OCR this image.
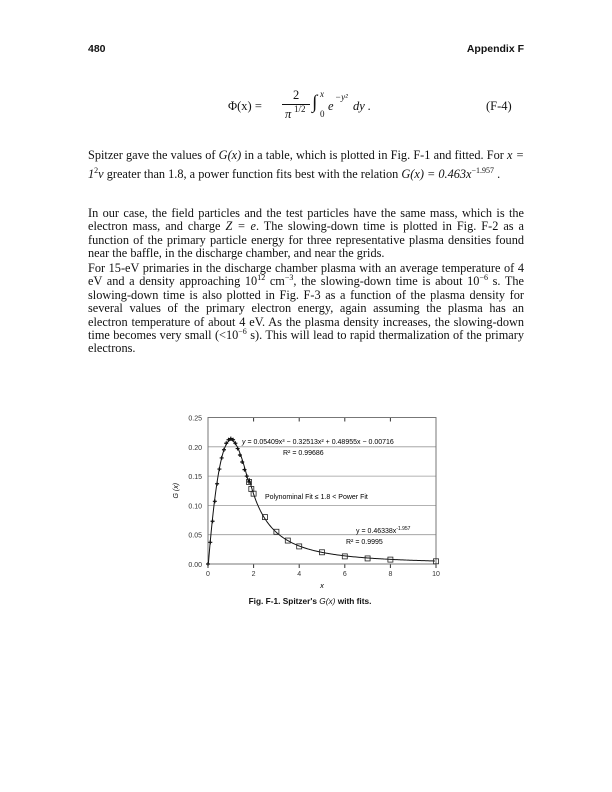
480	Appendix F
Φ(x) =
2
π 1/2 ∫ x
0
e
−y²
dy .	(F-4)
Spitzer gave the values of G(x) in a table, which is plotted in Fig. F-1 and fitted. For $x = 1^2v$ greater than 1.8, a power function fits best with the relation $G(x) = 0.463x^{-1.957}$ .
In our case, the field particles and the test particles have the same mass, which is the electron mass, and charge Z = e. The slowing-down time is plotted in Fig. F-2 as a function of the primary particle energy for three representative plasma densities found near the baffle, in the discharge chamber, and near the grids.
For 15-eV primaries in the discharge chamber plasma with an average temperature of 4 eV and a density approaching $10^{12}$ $cm^{-3}$, the slowing-down time is about $10^{-6}$ s. The slowing-down time is also plotted in Fig. F-3 as a function of the plasma density for several values of the primary electron energy, again assuming the plasma has an electron temperature of about 4 eV. As the plasma density increases, the slowing-down time becomes very small ($<10^{-6}$ s). This will lead to rapid thermalization of the primary electrons.
0.00
0.05
0.10
0.15
0.20
0.25
0	2	4	6	8	10
x
G (x)
y = 0.05409x³ − 0.32513x² + 0.48955x − 0.00716
R² = 0.99686
Polynominal Fit ≤ 1.8 < Power Fit
$y = 0.46338x^{-1.957}$
R² = 0.9995
Fig. F-1. Spitzer's G(x) with fits.
